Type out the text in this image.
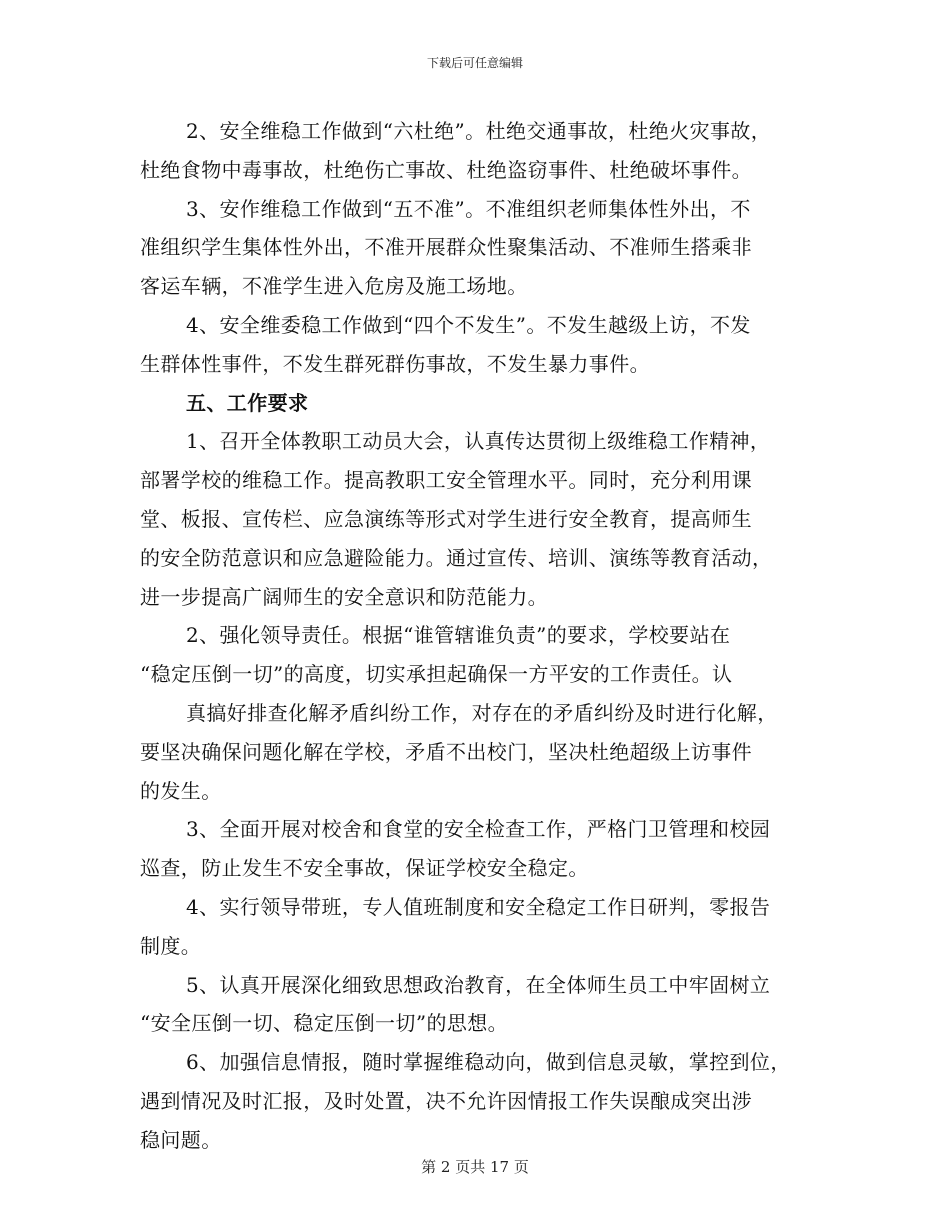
下载后可任意编辑
2、安全维稳工作做到“六杜绝”。杜绝交通事故，杜绝火灾事故，
杜绝食物中毒事故，杜绝伤亡事故、杜绝盗窃事件、杜绝破坏事件。
3、安作维稳工作做到“五不准”。不准组织老师集体性外出，不
准组织学生集体性外出，不准开展群众性聚集活动、不准师生搭乘非
客运车辆，不准学生进入危房及施工场地。
4、安全维委稳工作做到“四个不发生”。不发生越级上访，不发
生群体性事件，不发生群死群伤事故，不发生暴力事件。
五、工作要求
1、召开全体教职工动员大会，认真传达贯彻上级维稳工作精神，
部署学校的维稳工作。提高教职工安全管理水平。同时，充分利用课
堂、板报、宣传栏、应急演练等形式对学生进行安全教育，提高师生
的安全防范意识和应急避险能力。通过宣传、培训、演练等教育活动，
进一步提高广阔师生的安全意识和防范能力。
2、强化领导责任。根据“谁管辖谁负责”的要求，学校要站在
“稳定压倒一切”的高度，切实承担起确保一方平安的工作责任。认
真搞好排查化解矛盾纠纷工作，对存在的矛盾纠纷及时进行化解，
要坚决确保问题化解在学校，矛盾不出校门，坚决杜绝超级上访事件
的发生。
3、全面开展对校舍和食堂的安全检查工作，严格门卫管理和校园
巡查，防止发生不安全事故，保证学校安全稳定。
4、实行领导带班，专人值班制度和安全稳定工作日研判，零报告
制度。
5、认真开展深化细致思想政治教育，在全体师生员工中牢固树立
“安全压倒一切、稳定压倒一切”的思想。
6、加强信息情报，随时掌握维稳动向，做到信息灵敏，掌控到位，
遇到情况及时汇报，及时处置，决不允许因情报工作失误酿成突出涉
稳问题。
第 2 页共 17 页
